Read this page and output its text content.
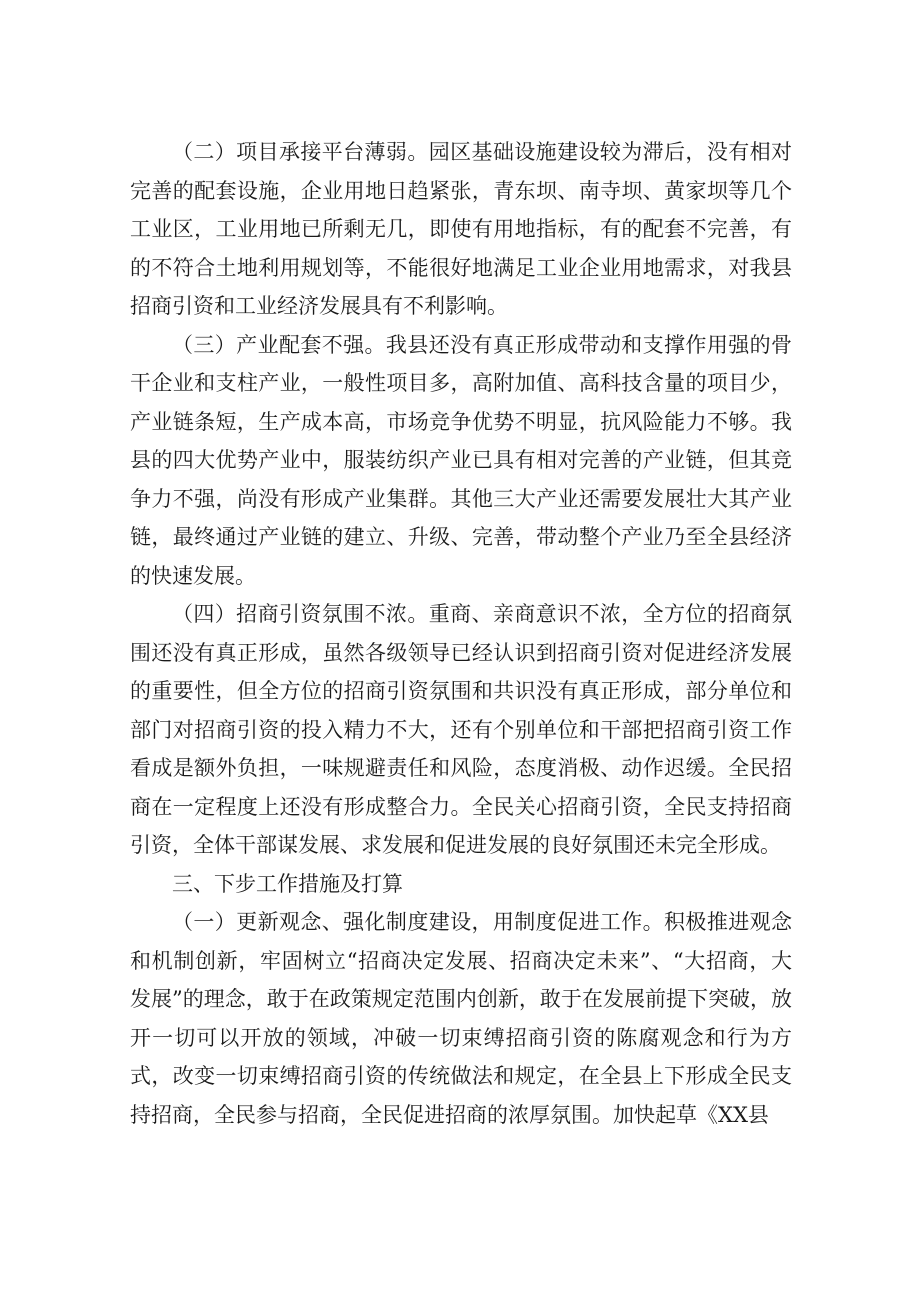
（二）项目承接平台薄弱。园区基础设施建设较为滞后，没有相对完善的配套设施，企业用地日趋紧张，青东坝、南寺坝、黄家坝等几个工业区，工业用地已所剩无几，即使有用地指标，有的配套不完善，有的不符合土地利用规划等，不能很好地满足工业企业用地需求，对我县招商引资和工业经济发展具有不利影响。

（三）产业配套不强。我县还没有真正形成带动和支撑作用强的骨干企业和支柱产业，一般性项目多，高附加值、高科技含量的项目少，产业链条短，生产成本高，市场竞争优势不明显，抗风险能力不够。我县的四大优势产业中，服装纺织产业已具有相对完善的产业链，但其竞争力不强，尚没有形成产业集群。其他三大产业还需要发展壮大其产业链，最终通过产业链的建立、升级、完善，带动整个产业乃至全县经济的快速发展。

（四）招商引资氛围不浓。重商、亲商意识不浓，全方位的招商氛围还没有真正形成，虽然各级领导已经认识到招商引资对促进经济发展的重要性，但全方位的招商引资氛围和共识没有真正形成，部分单位和部门对招商引资的投入精力不大，还有个别单位和干部把招商引资工作看成是额外负担，一味规避责任和风险，态度消极、动作迟缓。全民招商在一定程度上还没有形成整合力。全民关心招商引资，全民支持招商引资，全体干部谋发展、求发展和促进发展的良好氛围还未完全形成。

三、下步工作措施及打算

（一）更新观念、强化制度建设，用制度促进工作。积极推进观念和机制创新，牢固树立“招商决定发展、招商决定未来”、“大招商，大发展”的理念，敢于在政策规定范围内创新，敢于在发展前提下突破，放开一切可以开放的领域，冲破一切束缚招商引资的陈腐观念和行为方式，改变一切束缚招商引资的传统做法和规定，在全县上下形成全民支持招商，全民参与招商，全民促进招商的浓厚氛围。加快起草《XX县
